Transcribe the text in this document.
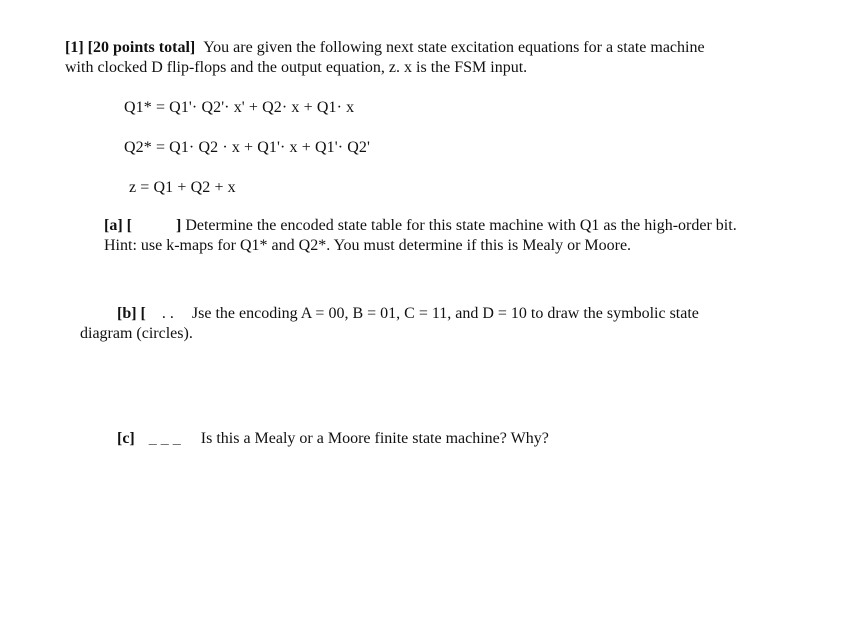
[1] [20 points total] You are given the following next state excitation equations for a state machine
with clocked D flip-flops and the output equation, z. x is the FSM input.
Q1* = Q1'· Q2'· x' + Q2· x + Q1· x
Q2* = Q1· Q2 · x + Q1'· x + Q1'· Q2'
z = Q1 + Q2 + x
[a] [	] Determine the encoded state table for this state machine with Q1 as the high-order bit.
Hint: use k-maps for Q1* and Q2*. You must determine if this is Mealy or Moore.
[b] [ . . Jse the encoding A = 00, B = 01, C = 11, and D = 10 to draw the symbolic state
diagram (circles).
[c] _ _ _ Is this a Mealy or a Moore finite state machine? Why?
